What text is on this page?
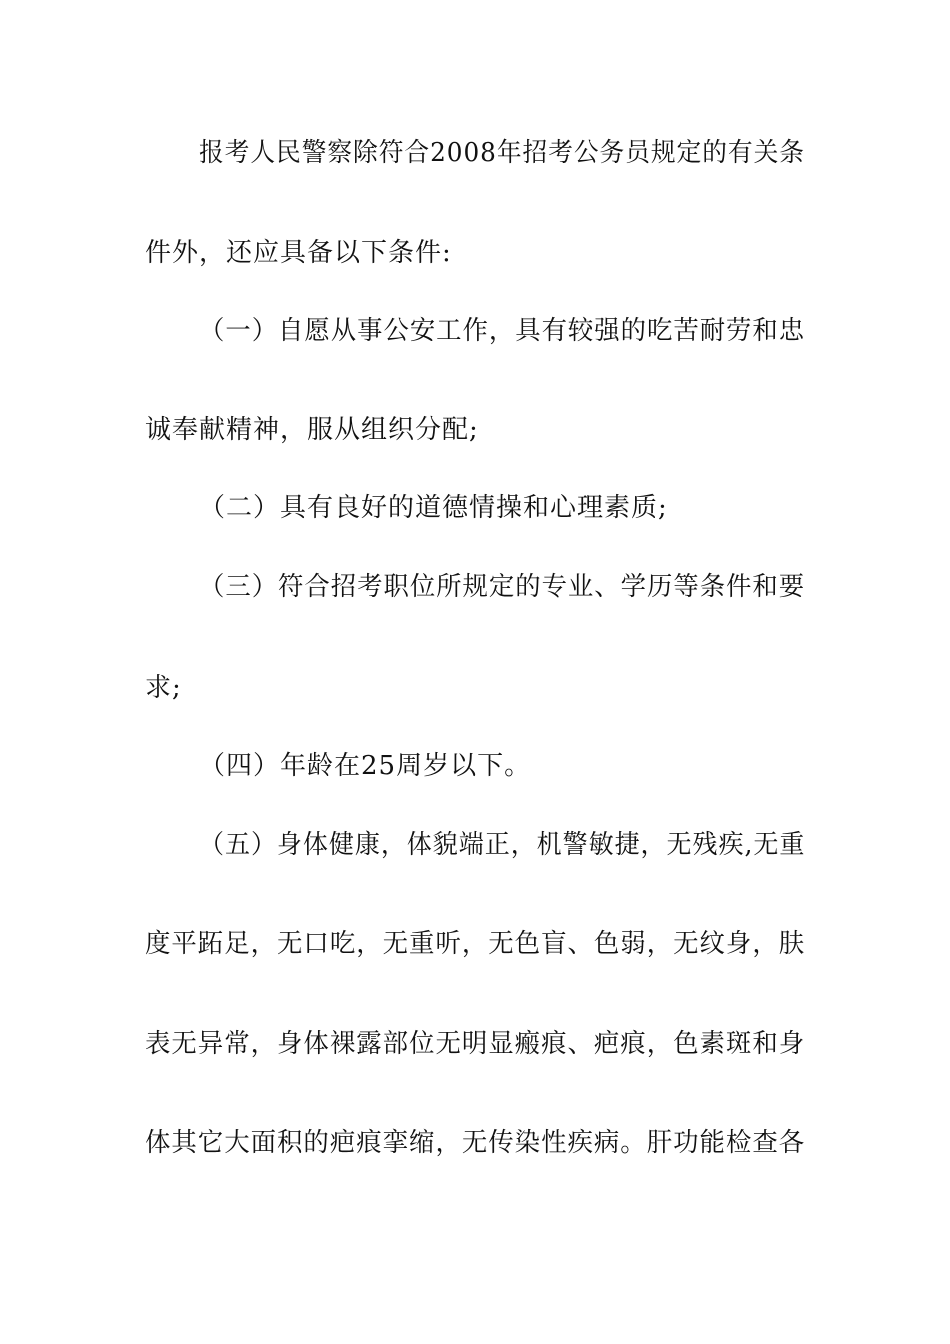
报考人民警察除符合2008年招考公务员规定的有关条
件外，还应具备以下条件:
（一）自愿从事公安工作，具有较强的吃苦耐劳和忠
诚奉献精神，服从组织分配;
（二）具有良好的道德情操和心理素质;
（三）符合招考职位所规定的专业、学历等条件和要
求;
（四）年龄在25周岁以下。
（五）身体健康，体貌端正，机警敏捷，无残疾,无重
度平跖足，无口吃，无重听，无色盲、色弱，无纹身，肤
表无异常，身体裸露部位无明显瘢痕、疤痕，色素斑和身
体其它大面积的疤痕挛缩，无传染性疾病。肝功能检查各
